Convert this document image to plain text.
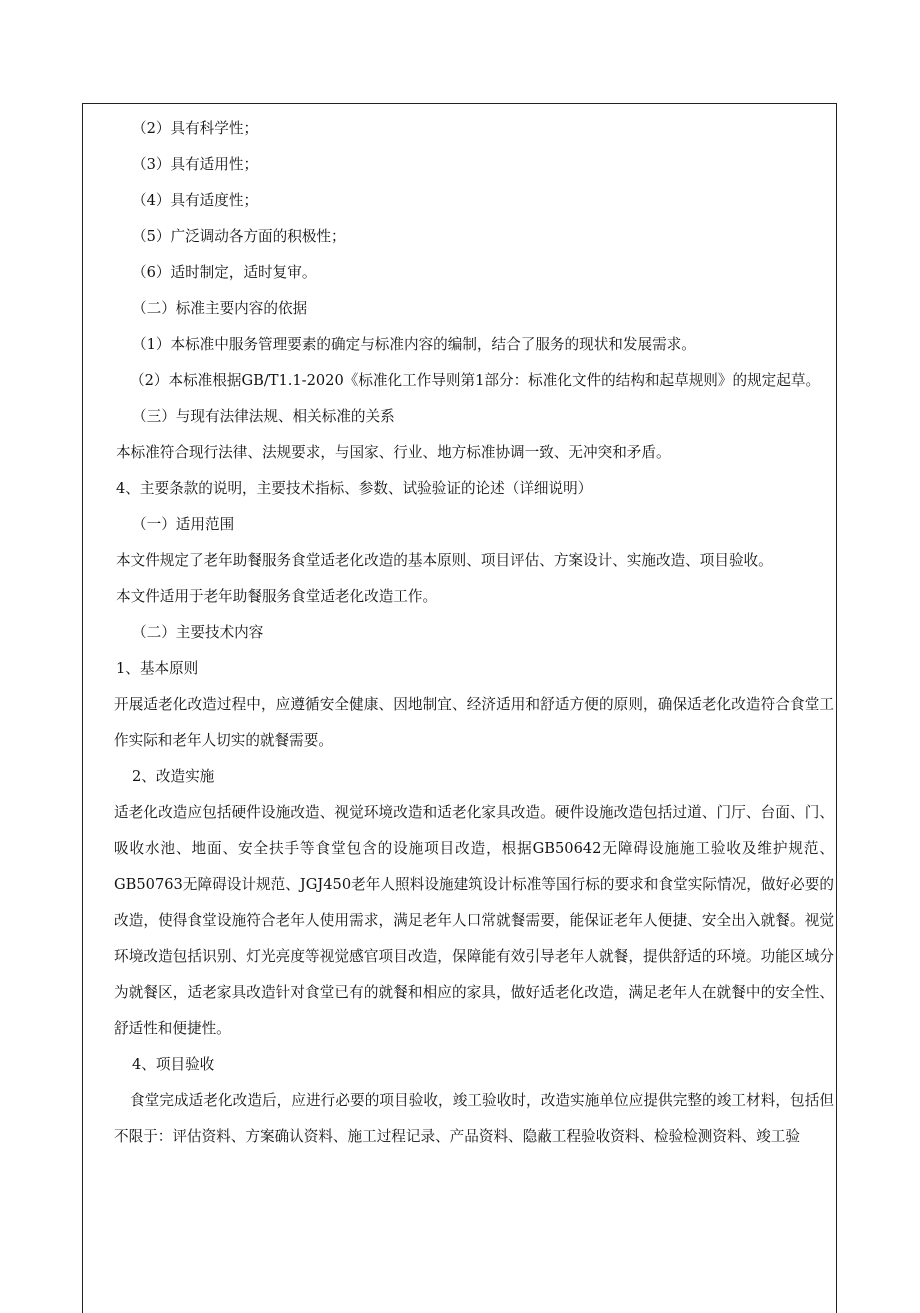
（2）具有科学性；

（3）具有适用性；

（4）具有适度性；

（5）广泛调动各方面的积极性；

（6）适时制定，适时复审。

（二）标准主要内容的依据

（1）本标准中服务管理要素的确定与标准内容的编制，结合了服务的现状和发展需求。

（2）本标准根据GB/T1.1-2020《标准化工作导则第1部分：标准化文件的结构和起草规则》的规定起草。

（三）与现有法律法规、相关标准的关系

本标准符合现行法律、法规要求，与国家、行业、地方标准协调一致、无冲突和矛盾。

4、主要条款的说明，主要技术指标、参数、试验验证的论述（详细说明）

（一）适用范围

本文件规定了老年助餐服务食堂适老化改造的基本原则、项目评估、方案设计、实施改造、项目验收。

本文件适用于老年助餐服务食堂适老化改造工作。

（二）主要技术内容

1、基本原则

开展适老化改造过程中，应遵循安全健康、因地制宜、经济适用和舒适方便的原则，确保适老化改造符合食堂工作实际和老年人切实的就餐需要。

2、改造实施

适老化改造应包括硬件设施改造、视觉环境改造和适老化家具改造。硬件设施改造包括过道、门厅、台面、门、吸收水池、地面、安全扶手等食堂包含的设施项目改造，根据GB50642无障碍设施施工验收及维护规范、GB50763无障碍设计规范、JGJ450老年人照料设施建筑设计标准等国行标的要求和食堂实际情况，做好必要的改造，使得食堂设施符合老年人使用需求，满足老年人口常就餐需要，能保证老年人便捷、安全出入就餐。视觉环境改造包括识别、灯光亮度等视觉感官项目改造，保障能有效引导老年人就餐，提供舒适的环境。功能区域分为就餐区，适老家具改造针对食堂已有的就餐和相应的家具，做好适老化改造，满足老年人在就餐中的安全性、舒适性和便捷性。

4、项目验收

食堂完成适老化改造后，应进行必要的项目验收，竣工验收时，改造实施单位应提供完整的竣工材料，包括但不限于：评估资料、方案确认资料、施工过程记录、产品资料、隐蔽工程验收资料、检验检测资料、竣工验
